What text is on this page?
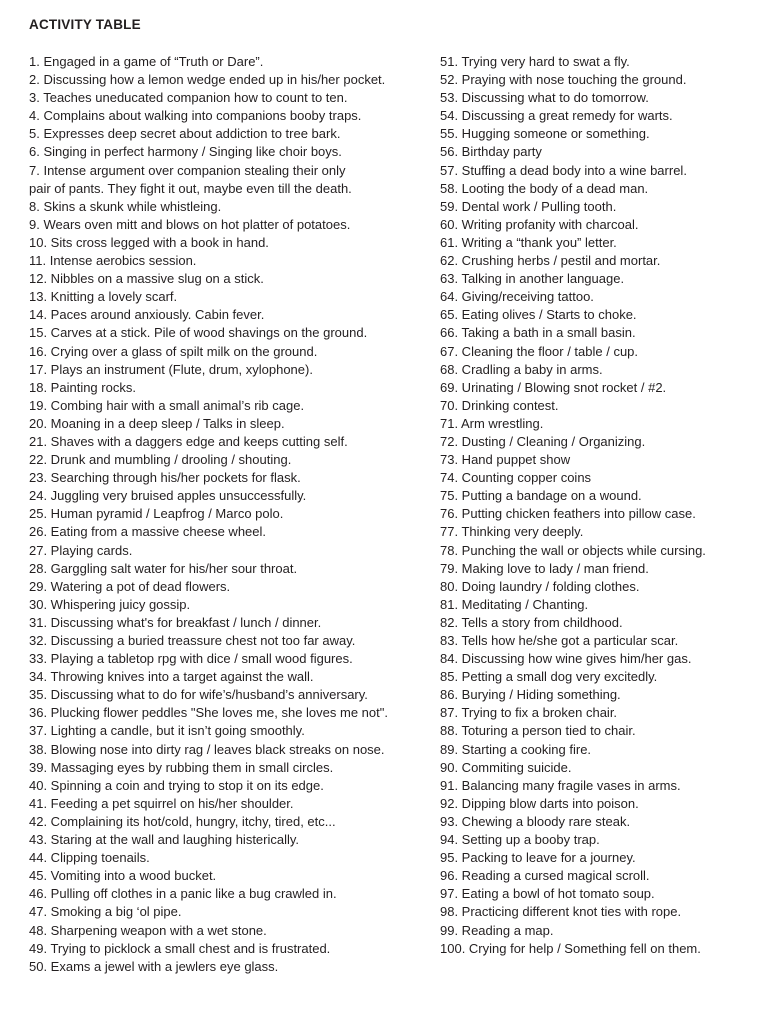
ACTIVITY TABLE
1. Engaged in a game of “Truth or Dare”.
2. Discussing how a lemon wedge ended up in his/her pocket.
3. Teaches uneducated companion how to count to ten.
4. Complains about walking into companions booby traps.
5. Expresses deep secret about addiction to tree bark.
6. Singing in perfect harmony / Singing like choir boys.
7. Intense argument over companion stealing their only
pair of pants. They fight it out, maybe even till the death.
8. Skins a skunk while whistleing.
9. Wears oven mitt and blows on hot platter of potatoes.
10. Sits cross legged with a book in hand.
11. Intense aerobics session.
12. Nibbles on a massive slug on a stick.
13. Knitting a lovely scarf.
14. Paces around anxiously. Cabin fever.
15. Carves at a stick. Pile of wood shavings on the ground.
16. Crying over a glass of spilt milk on the ground.
17. Plays an instrument (Flute, drum, xylophone).
18. Painting rocks.
19. Combing hair with a small animal’s rib cage.
20. Moaning in a deep sleep / Talks in sleep.
21. Shaves with a daggers edge and keeps cutting self.
22. Drunk and mumbling / drooling / shouting.
23. Searching through his/her pockets for flask.
24. Juggling very bruised apples unsuccessfully.
25. Human pyramid / Leapfrog / Marco polo.
26. Eating from a massive cheese wheel.
27. Playing cards.
28. Garggling salt water for his/her sour throat.
29. Watering a pot of dead flowers.
30. Whispering juicy gossip.
31. Discussing what's for breakfast / lunch / dinner.
32. Discussing a buried treassure chest not too far away.
33. Playing a tabletop rpg with dice / small wood figures.
34. Throwing knives into a target against the wall.
35. Discussing what to do for wife’s/husband’s anniversary.
36. Plucking flower peddles "She loves me, she loves me not".
37. Lighting a candle, but it isn’t going smoothly.
38. Blowing nose into dirty rag / leaves black streaks on nose.
39. Massaging eyes by rubbing them in small circles.
40. Spinning a coin and trying to stop it on its edge.
41. Feeding a pet squirrel on his/her shoulder.
42. Complaining its hot/cold, hungry, itchy, tired, etc...
43. Staring at the wall and laughing histerically.
44. Clipping toenails.
45. Vomiting into a wood bucket.
46. Pulling off clothes in a panic like a bug crawled in.
47. Smoking a big ‘ol pipe.
48. Sharpening weapon with a wet stone.
49. Trying to picklock a small chest and is frustrated.
50. Exams a jewel with a jewlers eye glass.
51. Trying very hard to swat a fly.
52. Praying with nose touching the ground.
53. Discussing what to do tomorrow.
54. Discussing a great remedy for warts.
55. Hugging someone or something.
56. Birthday party
57. Stuffing a dead body into a wine barrel.
58. Looting the body of a dead man.
59. Dental work / Pulling tooth.
60. Writing profanity with charcoal.
61. Writing a “thank you” letter.
62. Crushing herbs / pestil and mortar.
63. Talking in another language.
64. Giving/receiving tattoo.
65. Eating olives / Starts to choke.
66. Taking a bath in a small basin.
67. Cleaning the floor / table / cup.
68. Cradling a baby in arms.
69. Urinating / Blowing snot rocket / #2.
70. Drinking contest.
71. Arm wrestling.
72. Dusting / Cleaning / Organizing.
73. Hand puppet show
74. Counting copper coins
75. Putting a bandage on a wound.
76. Putting chicken feathers into pillow case.
77. Thinking very deeply.
78. Punching the wall or objects while cursing.
79. Making love to lady / man friend.
80. Doing laundry / folding clothes.
81. Meditating / Chanting.
82. Tells a story from childhood.
83. Tells how he/she got a particular scar.
84. Discussing how wine gives him/her gas.
85. Petting a small dog very excitedly.
86. Burying / Hiding something.
87. Trying to fix a broken chair.
88. Toturing a person tied to chair.
89. Starting a cooking fire.
90. Commiting suicide.
91. Balancing many fragile vases in arms.
92. Dipping blow darts into poison.
93. Chewing a bloody rare steak.
94. Setting up a booby trap.
95. Packing to leave for a journey.
96. Reading a cursed magical scroll.
97. Eating a bowl of hot tomato soup.
98. Practicing different knot ties with rope.
99. Reading a map.
100. Crying for help / Something fell on them.
